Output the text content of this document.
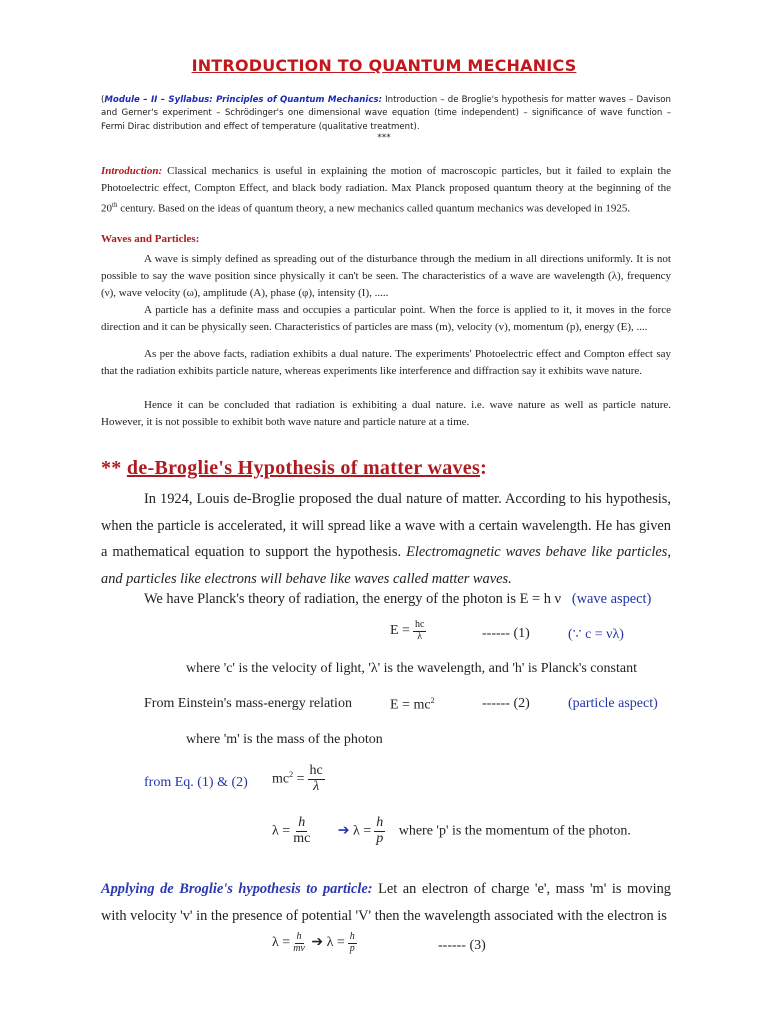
INTRODUCTION TO QUANTUM MECHANICS
(Module – II – Syllabus: Principles of Quantum Mechanics: Introduction – de Broglie's hypothesis for matter waves – Davison and Gerner's experiment – Schrödinger's one dimensional wave equation (time independent) – significance of wave function – Fermi Dirac distribution and effect of temperature (qualitative treatment).
***
Introduction: Classical mechanics is useful in explaining the motion of macroscopic particles, but it failed to explain the Photoelectric effect, Compton Effect, and black body radiation. Max Planck proposed quantum theory at the beginning of the 20th century. Based on the ideas of quantum theory, a new mechanics called quantum mechanics was developed in 1925.
Waves and Particles:
A wave is simply defined as spreading out of the disturbance through the medium in all directions uniformly. It is not possible to say the wave position since physically it can't be seen. The characteristics of a wave are wavelength (λ), frequency (ν), wave velocity (ω), amplitude (A), phase (φ), intensity (I), .....
A particle has a definite mass and occupies a particular point. When the force is applied to it, it moves in the force direction and it can be physically seen. Characteristics of particles are mass (m), velocity (v), momentum (p), energy (E), ....
As per the above facts, radiation exhibits a dual nature. The experiments' Photoelectric effect and Compton effect say that the radiation exhibits particle nature, whereas experiments like interference and diffraction say it exhibits wave nature.
Hence it can be concluded that radiation is exhibiting a dual nature. i.e. wave nature as well as particle nature. However, it is not possible to exhibit both wave nature and particle nature at a time.
** de-Broglie's Hypothesis of matter waves:
In 1924, Louis de-Broglie proposed the dual nature of matter. According to his hypothesis, when the particle is accelerated, it will spread like a wave with a certain wavelength. He has given a mathematical equation to support the hypothesis. Electromagnetic waves behave like particles, and particles like electrons will behave like waves called matter waves.
We have Planck's theory of radiation, the energy of the photon is E = h ν (wave aspect)
$E = \frac{hc}{\lambda}$	------ (1)	(∵ c = νλ)
where 'c' is the velocity of light, 'λ' is the wavelength, and 'h' is Planck's constant
From Einstein's mass-energy relation	$E = mc^2$	------ (2)	(particle aspect)
where 'm' is the mass of the photon
from Eq. (1) & (2) $mc^2 = \frac{hc}{\lambda}$
$\lambda = \frac{h}{mc}$ ➔ $\lambda = \frac{h}{p}$ where 'p' is the momentum of the photon.
Applying de Broglie's hypothesis to particle: Let an electron of charge 'e', mass 'm' is moving with velocity 'v' in the presence of potential 'V' then the wavelength associated with the electron is
$\lambda = \frac{h}{mv}$ ➔ $\lambda = \frac{h}{p}$	------ (3)
